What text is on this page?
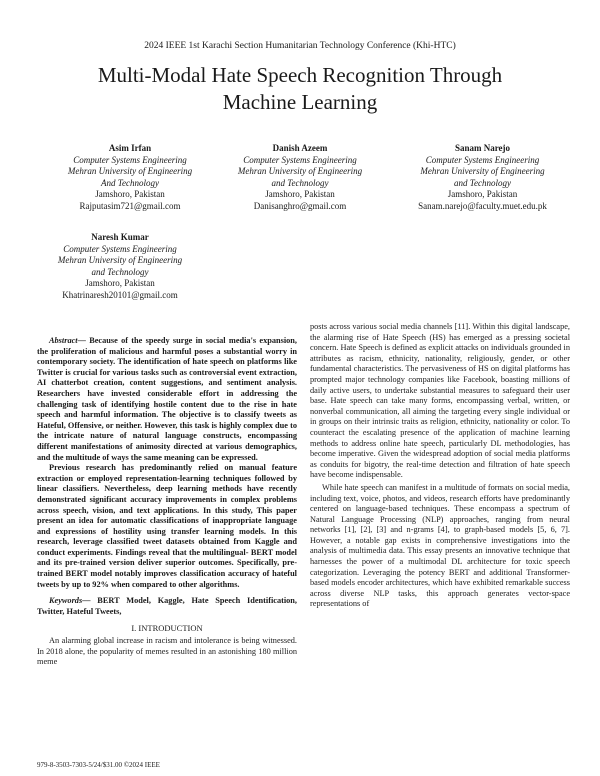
2024 IEEE 1st Karachi Section Humanitarian Technology Conference (Khi-HTC)
Multi-Modal Hate Speech Recognition Through
Machine Learning
Asim Irfan
Computer Systems Engineering
Mehran University of Engineering
And Technology
Jamshoro, Pakistan
Rajputasim721@gmail.com
Danish Azeem
Computer Systems Engineering
Mehran University of Engineering
and Technology
Jamshoro, Pakistan
Danisanghro@gmail.com
Sanam Narejo
Computer Systems Engineering
Mehran University of Engineering
and Technology
Jamshoro, Pakistan
Sanam.narejo@faculty.muet.edu.pk
Naresh Kumar
Computer Systems Engineering
Mehran University of Engineering
and Technology
Jamshoro, Pakistan
Khatrinaresh20101@gmail.com

Abstract— Because of the speedy surge in social media's expansion, the proliferation of malicious and harmful poses a substantial worry in contemporary society. The identification of hate speech on platforms like Twitter is crucial for various tasks such as controversial event extraction, AI chatterbot creation, content suggestions, and sentiment analysis. Researchers have invested considerable effort in addressing the challenging task of identifying hostile content due to the rise in hate speech and harmful information. The objective is to classify tweets as Hateful, Offensive, or neither. However, this task is highly complex due to the intricate nature of natural language constructs, encompassing different manifestations of animosity directed at various demographics, and the multitude of ways the same meaning can be expressed.

Previous research has predominantly relied on manual feature extraction or employed representation-learning techniques followed by linear classifiers. Nevertheless, deep learning methods have recently demonstrated significant accuracy improvements in complex problems across speech, vision, and text applications. In this study, This paper present an idea for automatic classifications of inappropriate language and expressions of hostility using transfer learning models. In this research, leverage classified tweet datasets obtained from Kaggle and conduct experiments. Findings reveal that the multilingual- BERT model and its pre-trained version deliver superior outcomes. Specifically, pre-trained BERT model notably improves classification accuracy of hateful tweets by up to 92% when compared to other algorithms.

Keywords— BERT Model, Kaggle, Hate Speech Identification, Twitter, Hateful Tweets,

I. INTRODUCTION

An alarming global increase in racism and intolerance is being witnessed. In 2018 alone, the popularity of memes resulted in an astonishing 180 million meme

posts across various social media channels [11]. Within this digital landscape, the alarming rise of Hate Speech (HS) has emerged as a pressing societal concern. Hate Speech is defined as explicit attacks on individuals grounded in attributes as racism, ethnicity, nationality, religiously, gender, or other fundamental characteristics. The pervasiveness of HS on digital platforms has prompted major technology companies like Facebook, boasting millions of daily active users, to undertake substantial measures to safeguard their user base. Hate speech can take many forms, encompassing verbal, written, or nonverbal communication, all aiming the targeting every single individual or in groups on their intrinsic traits as religion, ethnicity, nationality or color. To counteract the escalating presence of the application of machine learning methods to address online hate speech, particularly DL methodologies, has become imperative. Given the widespread adoption of social media platforms as conduits for bigotry, the real-time detection and filtration of hate speech have become indispensable.

While hate speech can manifest in a multitude of formats on social media, including text, voice, photos, and videos, research efforts have predominantly centered on language-based techniques. These encompass a spectrum of Natural Language Processing (NLP) approaches, ranging from neural networks [1], [2], [3] and n-grams [4], to graph-based models [5, 6, 7]. However, a notable gap exists in comprehensive investigations into the analysis of multimedia data. This essay presents an innovative technique that harnesses the power of a multimodal DL architecture for toxic speech categorization. Leveraging the potency BERT and additional Transformer-based models encoder architectures, which have exhibited remarkable success across diverse NLP tasks, this approach generates vector-space representations of

979-8-3503-7303-5/24/$31.00 ©2024 IEEE
